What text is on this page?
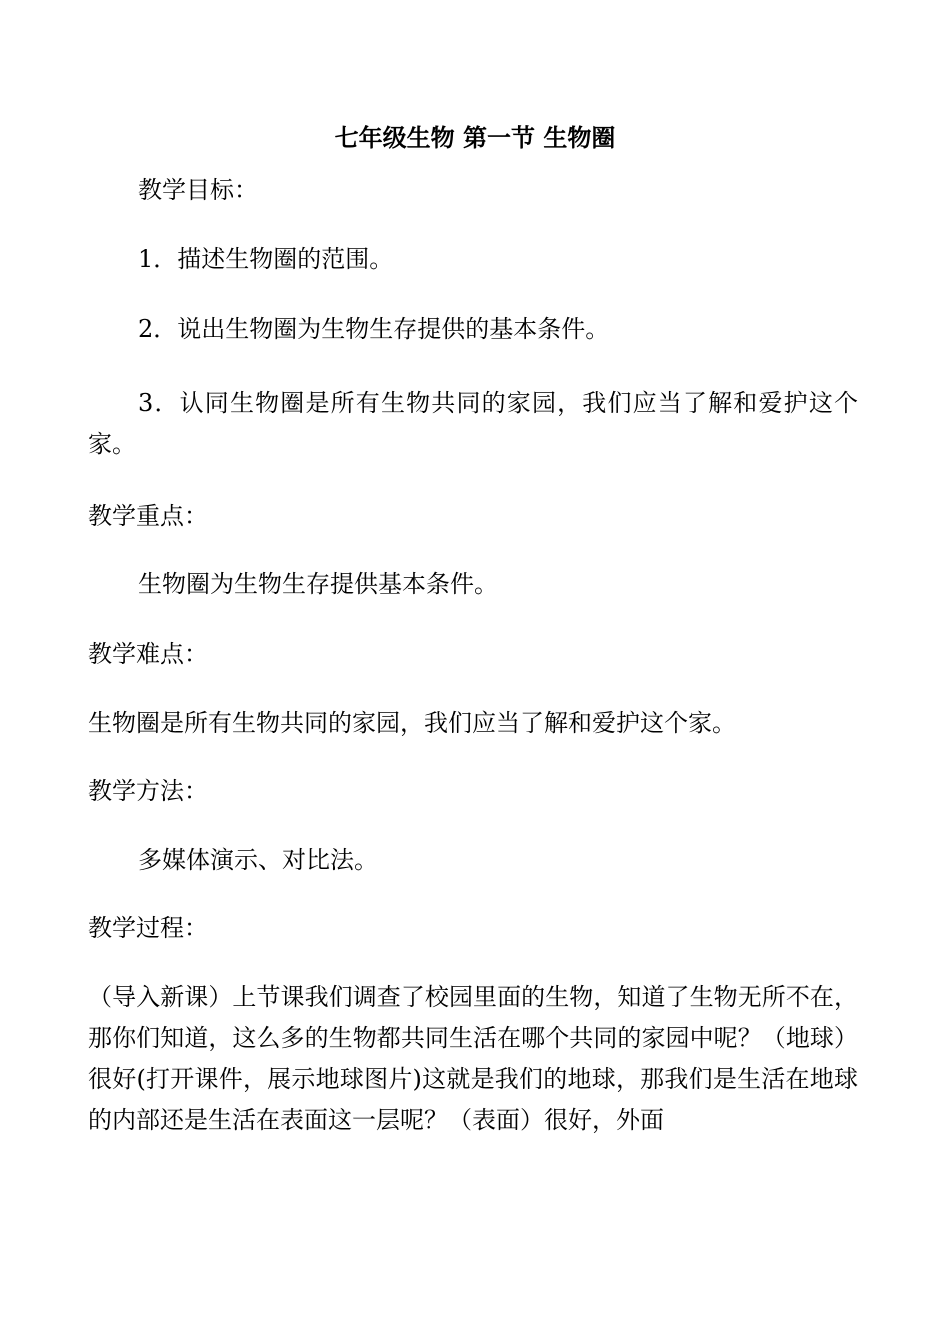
七年级生物 第一节 生物圈
教学目标：
1．描述生物圈的范围。
2．说出生物圈为生物生存提供的基本条件。
3．认同生物圈是所有生物共同的家园，我们应当了解和爱护这个家。
教学重点：
生物圈为生物生存提供基本条件。
教学难点：
生物圈是所有生物共同的家园，我们应当了解和爱护这个家。
教学方法：
多媒体演示、对比法。
教学过程：
（导入新课）上节课我们调查了校园里面的生物，知道了生物无所不在，那你们知道，这么多的生物都共同生活在哪个共同的家园中呢？（地球）很好(打开课件，展示地球图片)这就是我们的地球，那我们是生活在地球的内部还是生活在表面这一层呢？（表面）很好，外面
